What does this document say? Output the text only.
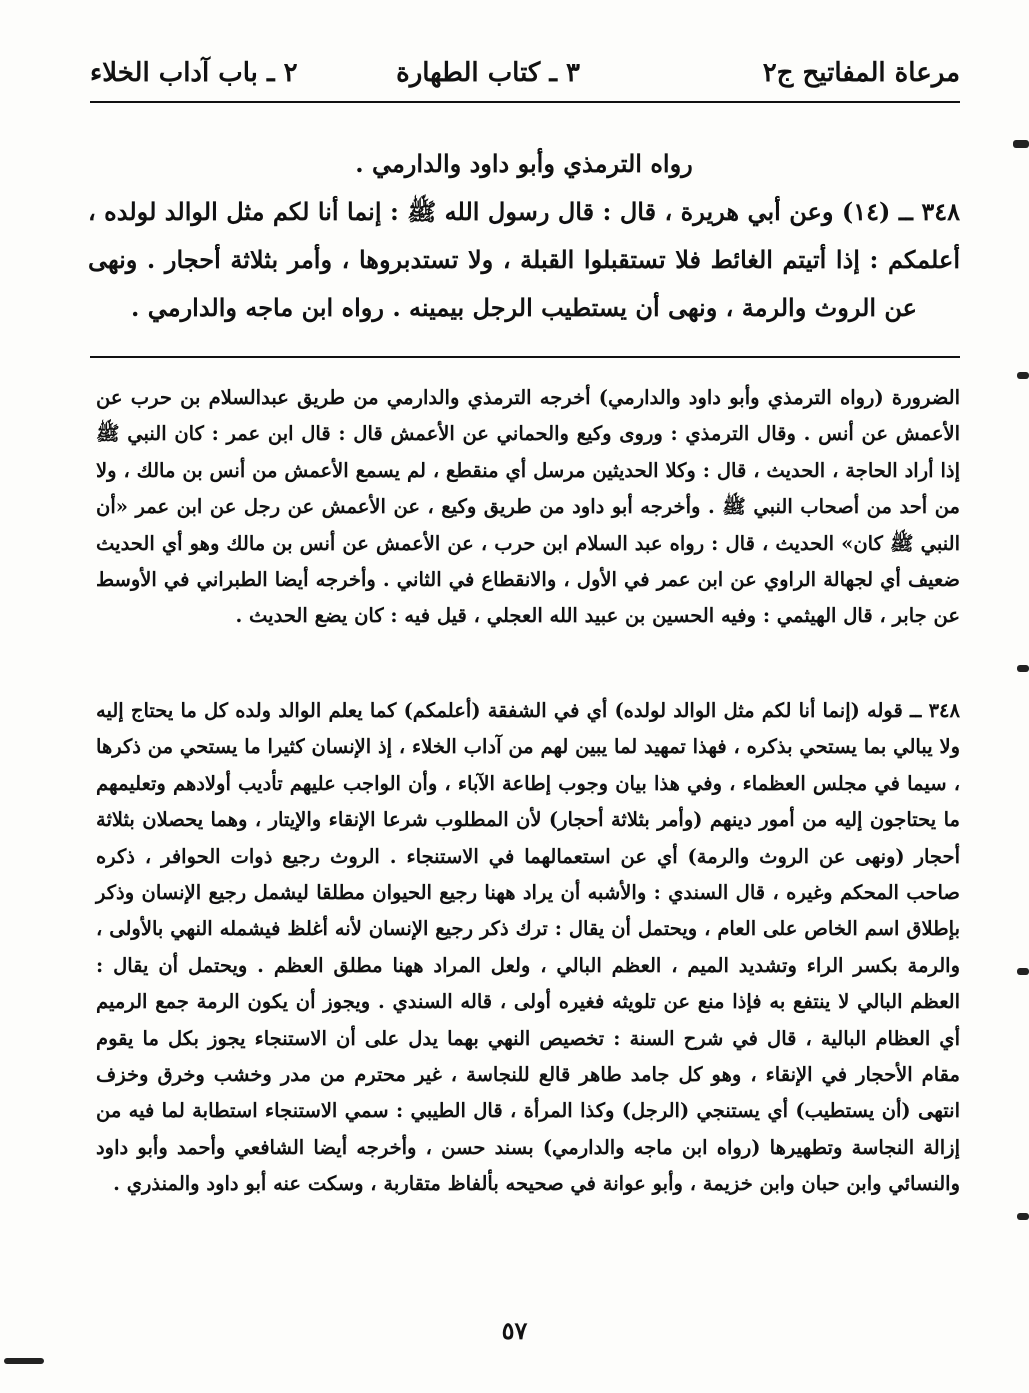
مرعاة المفاتيح ج٢
٣ ـ كتاب الطهارة
٢ ـ باب آداب الخلاء

رواه الترمذي وأبو داود والدارمي .

٣٤٨ ــ (١٤) وعن أبي هريرة ، قال : قال رسول الله ﷺ : إنما أنا لكم مثل الوالد لولده ، أعلمكم : إذا أتيتم الغائط فلا تستقبلوا القبلة ، ولا تستدبروها ، وأمر بثلاثة أحجار . ونهى عن الروث والرمة ، ونهى أن يستطيب الرجل بيمينه . رواه ابن ماجه والدارمي .

الضرورة (رواه الترمذي وأبو داود والدارمي) أخرجه الترمذي والدارمي من طريق عبدالسلام بن حرب عن الأعمش عن أنس . وقال الترمذي : وروى وكيع والحماني عن الأعمش قال : قال ابن عمر : كان النبي ﷺ إذا أراد الحاجة ، الحديث ، قال : وكلا الحديثين مرسل أي منقطع ، لم يسمع الأعمش من أنس بن مالك ، ولا من أحد من أصحاب النبي ﷺ . وأخرجه أبو داود من طريق وكيع ، عن الأعمش عن رجل عن ابن عمر «أن النبي ﷺ كان» الحديث ، قال : رواه عبد السلام ابن حرب ، عن الأعمش عن أنس بن مالك وهو أي الحديث ضعيف أي لجهالة الراوي عن ابن عمر في الأول ، والانقطاع في الثاني . وأخرجه أيضا الطبراني في الأوسط عن جابر ، قال الهيثمي : وفيه الحسين بن عبيد الله العجلي ، قيل فيه : كان يضع الحديث .

٣٤٨ ــ قوله (إنما أنا لكم مثل الوالد لولده) أي في الشفقة (أعلمكم) كما يعلم الوالد ولده كل ما يحتاج إليه ولا يبالي بما يستحي بذكره ، فهذا تمهيد لما يبين لهم من آداب الخلاء ، إذ الإنسان كثيرا ما يستحي من ذكرها ، سيما في مجلس العظماء ، وفي هذا بيان وجوب إطاعة الآباء ، وأن الواجب عليهم تأديب أولادهم وتعليمهم ما يحتاجون إليه من أمور دينهم (وأمر بثلاثة أحجار) لأن المطلوب شرعا الإنقاء والإيتار ، وهما يحصلان بثلاثة أحجار (ونهى عن الروث والرمة) أي عن استعمالهما في الاستنجاء . الروث رجيع ذوات الحوافر ، ذكره صاحب المحكم وغيره ، قال السندي : والأشبه أن يراد ههنا رجيع الحيوان مطلقا ليشمل رجيع الإنسان وذكر بإطلاق اسم الخاص على العام ، ويحتمل أن يقال : ترك ذكر رجيع الإنسان لأنه أغلظ فيشمله النهي بالأولى ، والرمة بكسر الراء وتشديد الميم ، العظم البالي ، ولعل المراد ههنا مطلق العظم . ويحتمل أن يقال : العظم البالي لا ينتفع به فإذا منع عن تلويثه فغيره أولى ، قاله السندي . ويجوز أن يكون الرمة جمع الرميم أي العظام البالية ، قال في شرح السنة : تخصيص النهي بهما يدل على أن الاستنجاء يجوز بكل ما يقوم مقام الأحجار في الإنقاء ، وهو كل جامد طاهر قالع للنجاسة ، غير محترم من مدر وخشب وخرق وخزف انتهى (أن يستطيب) أي يستنجي (الرجل) وكذا المرأة ، قال الطيبي : سمي الاستنجاء استطابة لما فيه من إزالة النجاسة وتطهيرها (رواه ابن ماجه والدارمي) بسند حسن ، وأخرجه أيضا الشافعي وأحمد وأبو داود والنسائي وابن حبان وابن خزيمة ، وأبو عوانة في صحيحه بألفاظ متقاربة ، وسكت عنه أبو داود والمنذري .

٥٧
